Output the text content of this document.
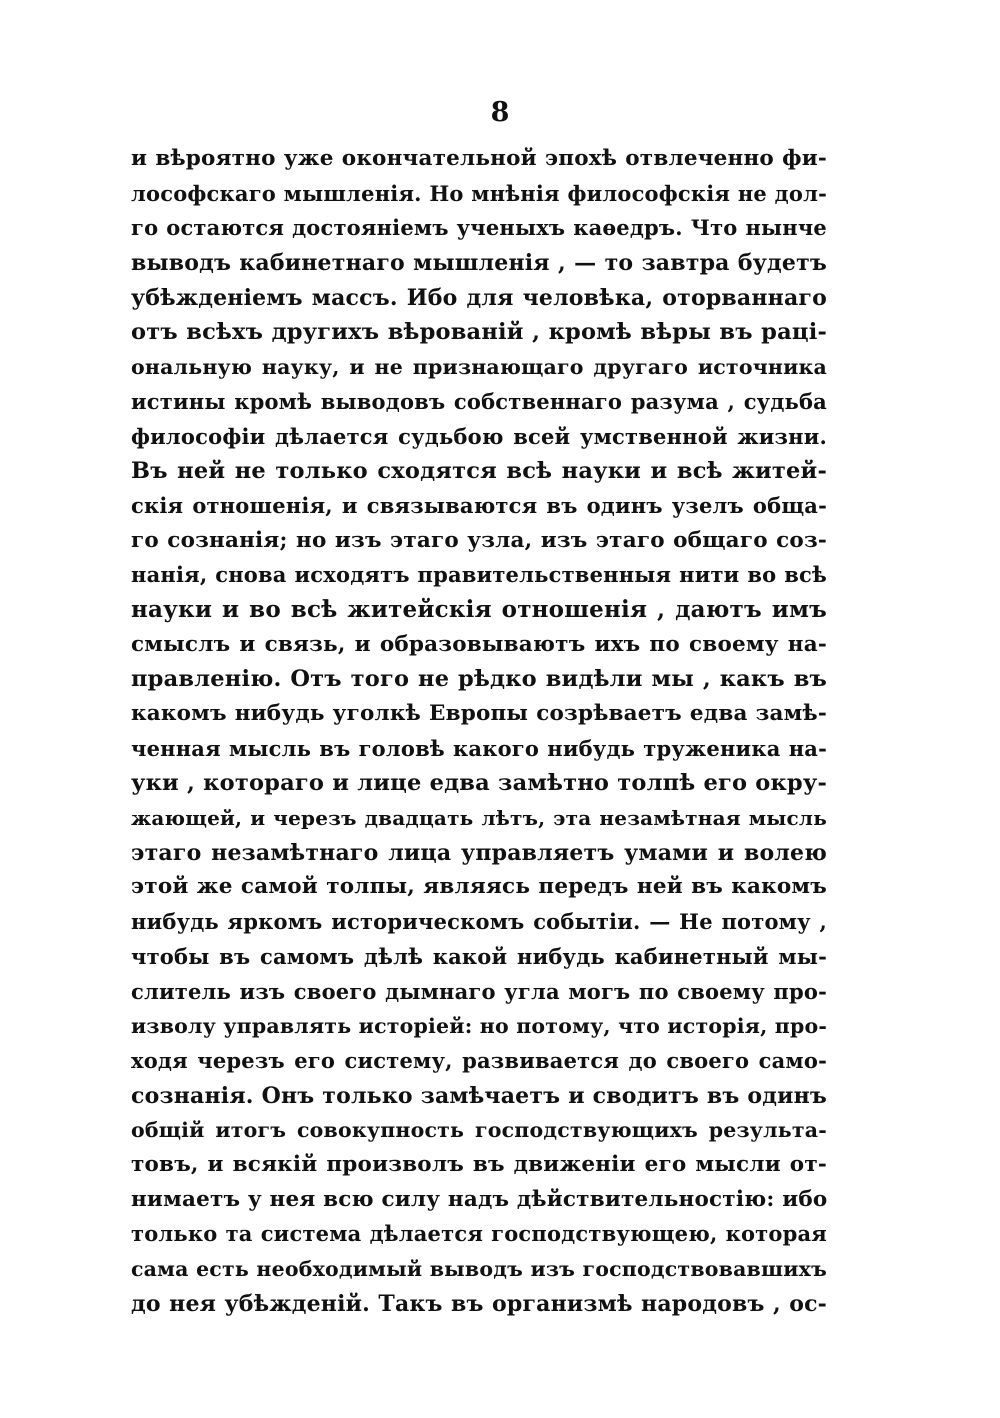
8
и вѣроятно уже окончательной эпохѣ отвлеченно фи-
лософскаго мышленія. Но мнѣнія философскія не дол-
го остаются достояніемъ ученыхъ каѳедръ. Что нынче
выводъ кабинетнаго мышленія , — то завтра будетъ
убѣжденіемъ массъ. Ибо для человѣка, оторваннаго
отъ всѣхъ другихъ вѣрованій , кромѣ вѣры въ раці-
ональную науку, и не признающаго другаго источника
истины кромѣ выводовъ собственнаго разума , судьба
философіи дѣлается судьбою всей умственной жизни.
Въ ней не только сходятся всѣ науки и всѣ житей-
скія отношенія, и связываются въ одинъ узелъ обща-
го сознанія; но изъ этаго узла, изъ этаго общаго соз-
нанія, снова исходятъ правительственныя нити во всѣ
науки и во всѣ житейскія отношенія , даютъ имъ
смыслъ и связь, и образовываютъ ихъ по своему на-
правленію. Отъ того не рѣдко видѣли мы , какъ въ
какомъ нибудь уголкѣ Европы созрѣваетъ едва замѣ-
ченная мысль въ головѣ какого нибудь труженика на-
уки , котораго и лице едва замѣтно толпѣ его окру-
жающей, и черезъ двадцать лѣтъ, эта незамѣтная мысль
этаго незамѣтнаго лица управляетъ умами и волею
этой же самой толпы, являясь передъ ней въ какомъ
нибудь яркомъ историческомъ событіи. — Не потому ,
чтобы въ самомъ дѣлѣ какой нибудь кабинетный мы-
слитель изъ своего дымнаго угла могъ по своему про-
изволу управлять исторіей: но потому, что исторія, про-
ходя черезъ его систему, развивается до своего само-
сознанія. Онъ только замѣчаетъ и сводитъ въ одинъ
общій итогъ совокупность господствующихъ результа-
товъ, и всякій произволъ въ движеніи его мысли от-
нимаетъ у нея всю силу надъ дѣйствительностію: ибо
только та система дѣлается господствующею, которая
сама есть необходимый выводъ изъ господствовавшихъ
до нея убѣжденій. Такъ въ организмѣ народовъ , ос-
